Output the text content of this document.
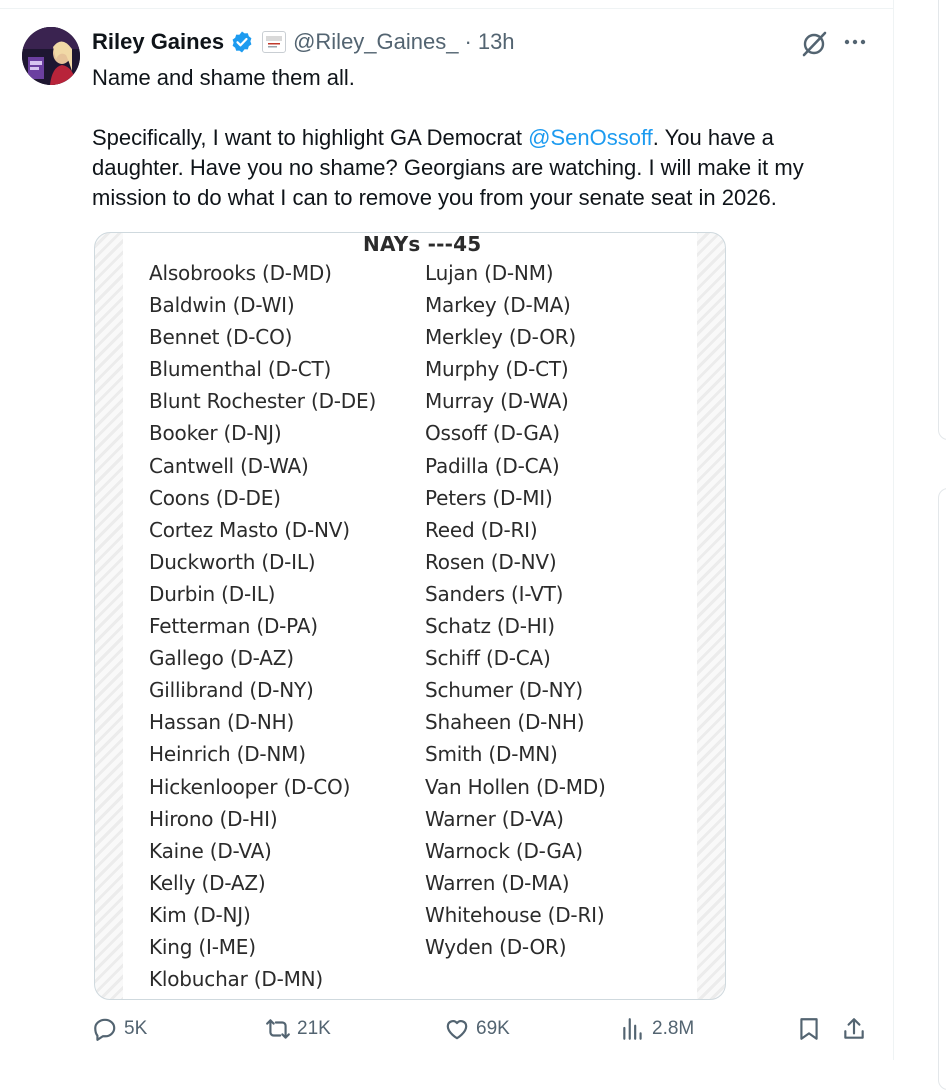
Riley Gaines	@Riley_Gaines_ · 13h

Name and shame them all.

Specifically, I want to highlight GA Democrat @SenOssoff. You have a daughter. Have you no shame? Georgians are watching. I will make it my mission to do what I can to remove you from your senate seat in 2026.

NAYs ---45
Alsobrooks (D-MD)
Baldwin (D-WI)
Bennet (D-CO)
Blumenthal (D-CT)
Blunt Rochester (D-DE)
Booker (D-NJ)
Cantwell (D-WA)
Coons (D-DE)
Cortez Masto (D-NV)
Duckworth (D-IL)
Durbin (D-IL)
Fetterman (D-PA)
Gallego (D-AZ)
Gillibrand (D-NY)
Hassan (D-NH)
Heinrich (D-NM)
Hickenlooper (D-CO)
Hirono (D-HI)
Kaine (D-VA)
Kelly (D-AZ)
Kim (D-NJ)
King (I-ME)
Klobuchar (D-MN)
Lujan (D-NM)
Markey (D-MA)
Merkley (D-OR)
Murphy (D-CT)
Murray (D-WA)
Ossoff (D-GA)
Padilla (D-CA)
Peters (D-MI)
Reed (D-RI)
Rosen (D-NV)
Sanders (I-VT)
Schatz (D-HI)
Schiff (D-CA)
Schumer (D-NY)
Shaheen (D-NH)
Smith (D-MN)
Van Hollen (D-MD)
Warner (D-VA)
Warnock (D-GA)
Warren (D-MA)
Whitehouse (D-RI)
Wyden (D-OR)
5K	21K	69K	2.8M
